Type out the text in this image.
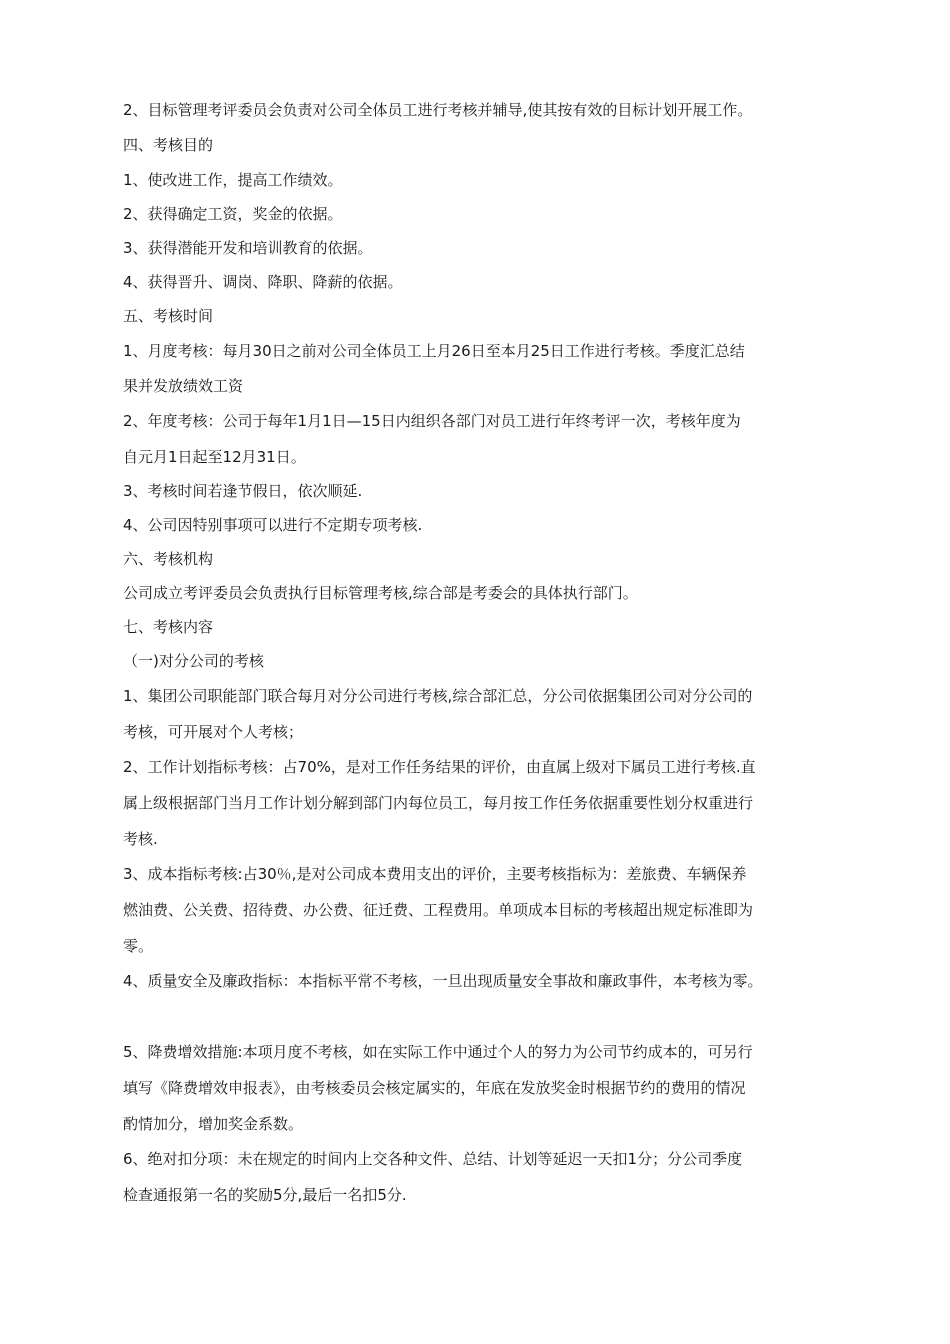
2、目标管理考评委员会负责对公司全体员工进行考核并辅导,使其按有效的目标计划开展工作。
四、考核目的
1、使改进工作，提高工作绩效。
2、获得确定工资，奖金的依据。
3、获得潜能开发和培训教育的依据。
4、获得晋升、调岗、降职、降薪的依据。
五、考核时间
1、月度考核：每月30日之前对公司全体员工上月26日至本月25日工作进行考核。季度汇总结
果并发放绩效工资
2、年度考核：公司于每年1月1日—15日内组织各部门对员工进行年终考评一次，考核年度为
自元月1日起至12月31日。
3、考核时间若逢节假日，依次顺延.
4、公司因特别事项可以进行不定期专项考核.
六、考核机构
公司成立考评委员会负责执行目标管理考核,综合部是考委会的具体执行部门。
七、考核内容
（一)对分公司的考核
1、集团公司职能部门联合每月对分公司进行考核,综合部汇总，分公司依据集团公司对分公司的
考核，可开展对个人考核；
2、工作计划指标考核：占70%，是对工作任务结果的评价，由直属上级对下属员工进行考核.直
属上级根据部门当月工作计划分解到部门内每位员工，每月按工作任务依据重要性划分权重进行
考核.
3、成本指标考核:占30％,是对公司成本费用支出的评价，主要考核指标为：差旅费、车辆保养
燃油费、公关费、招待费、办公费、征迁费、工程费用。单项成本目标的考核超出规定标准即为
零。
4、质量安全及廉政指标：本指标平常不考核，一旦出现质量安全事故和廉政事件，本考核为零。
5、降费增效措施:本项月度不考核，如在实际工作中通过个人的努力为公司节约成本的，可另行
填写《降费增效申报表》，由考核委员会核定属实的，年底在发放奖金时根据节约的费用的情况
酌情加分，增加奖金系数。
6、绝对扣分项：未在规定的时间内上交各种文件、总结、计划等延迟一天扣1分；分公司季度
检查通报第一名的奖励5分,最后一名扣5分.
